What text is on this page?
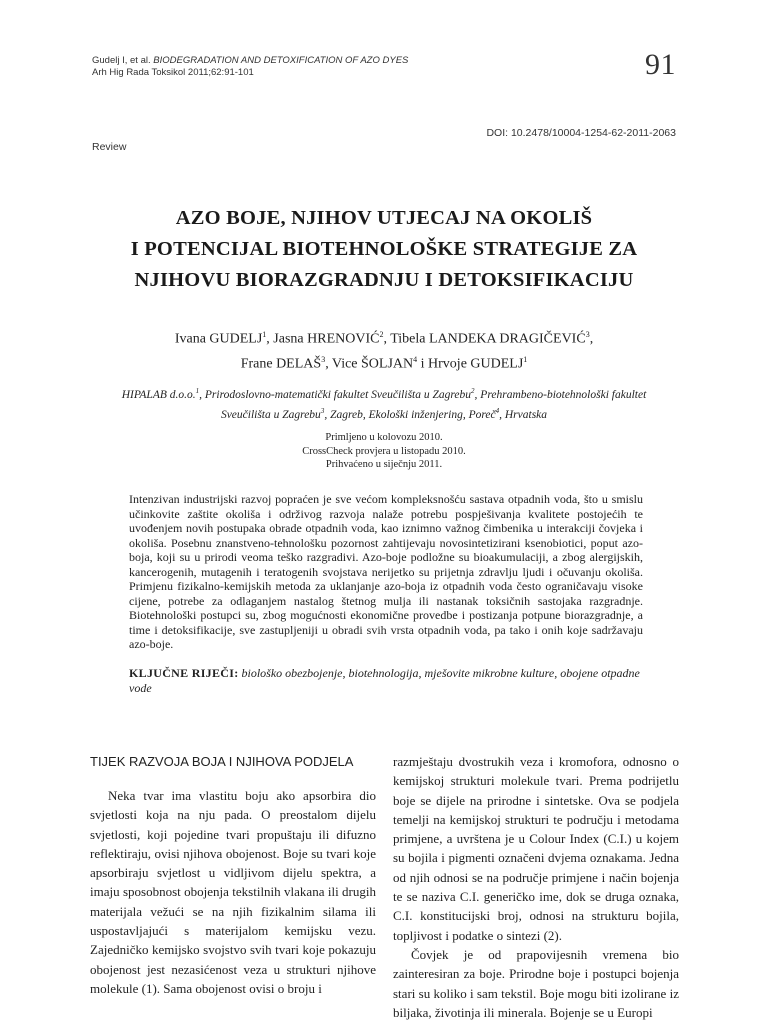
Gudelj I, et al. BIODEGRADATION AND DETOXIFICATION OF AZO DYES
Arh Hig Rada Toksikol 2011;62:91-101	91
DOI: 10.2478/10004-1254-62-2011-2063
Review
AZO BOJE, NJIHOV UTJECAJ NA OKOLIŠ
I POTENCIJAL BIOTEHNOLOŠKE STRATEGIJE ZA
NJIHOVU BIORAZGRADNJU I DETOKSIFIKACIJU
Ivana GUDELJ$^1$, Jasna HRENOVIĆ$^2$, Tibela LANDEKA DRAGIČEVIĆ$^3$,
Frane DELAŠ$^3$, Vice ŠOLJAN$^4$ i Hrvoje GUDELJ$^1$
HIPALAB d.o.o.$^1$, Prirodoslovno-matematički fakultet Sveučilišta u Zagrebu$^2$, Prehrambeno-biotehnološki fakultet Sveučilišta u Zagrebu$^3$, Zagreb, Ekološki inženjering, Poreč$^4$, Hrvatska
Primljeno u kolovozu 2010.
CrossCheck provjera u listopadu 2010.
Prihvaćeno u siječnju 2011.
Intenzivan industrijski razvoj popraćen je sve većom kompleksnošću sastava otpadnih voda, što u smislu učinkovite zaštite okoliša i održivog razvoja nalaže potrebu pospješivanja kvalitete postojećih te uvođenjem novih postupaka obrade otpadnih voda, kao iznimno važnog čimbenika u interakciji čovjeka i okoliša. Posebnu znanstveno-tehnološku pozornost zahtijevaju novosintetizirani ksenobiotici, poput azo-boja, koji su u prirodi veoma teško razgradivi. Azo-boje podložne su bioakumulaciji, a zbog alergijskih, kancerogenih, mutagenih i teratogenih svojstava nerijetko su prijetnja zdravlju ljudi i očuvanju okoliša. Primjenu fizikalno-kemijskih metoda za uklanjanje azo-boja iz otpadnih voda često ograničavaju visoke cijene, potrebe za odlaganjem nastalog štetnog mulja ili nastanak toksičnih sastojaka razgradnje. Biotehnološki postupci su, zbog mogućnosti ekonomične provedbe i postizanja potpune biorazgradnje, a time i detoksifikacije, sve zastupljeniji u obradi svih vrsta otpadnih voda, pa tako i onih koje sadržavaju azo-boje.
KLJUČNE RIJEČI: biološko obezbojenje, biotehnologija, mješovite mikrobne kulture, obojene otpadne vode
TIJEK RAZVOJA BOJA I NJIHOVA PODJELA

Neka tvar ima vlastitu boju ako apsorbira dio svjetlosti koja na nju pada. O preostalom dijelu svjetlosti, koji pojedine tvari propuštaju ili difuzno reflektiraju, ovisi njihova obojenost. Boje su tvari koje apsorbiraju svjetlost u vidljivom dijelu spektra, a imaju sposobnost obojenja tekstilnih vlakana ili drugih materijala vežući se na njih fizikalnim silama ili uspostavljajući s materijalom kemijsku vezu. Zajedničko kemijsko svojstvo svih tvari koje pokazuju obojenost jest nezasićenost veza u strukturi njihove molekule (1). Sama obojenost ovisi o broju i

razmještaju dvostrukih veza i kromofora, odnosno o kemijskoj strukturi molekule tvari. Prema podrijetlu boje se dijele na prirodne i sintetske. Ova se podjela temelji na kemijskoj strukturi te području i metodama primjene, a uvrštena je u Colour Index (C.I.) u kojem su bojila i pigmenti označeni dvjema oznakama. Jedna od njih odnosi se na područje primjene i način bojenja te se naziva C.I. generičko ime, dok se druga oznaka, C.I. konstitucijski broj, odnosi na strukturu bojila, topljivost i podatke o sintezi (2).

Čovjek je od prapovijesnih vremena bio zainteresiran za boje. Prirodne boje i postupci bojenja stari su koliko i sam tekstil. Boje mogu biti izolirane iz biljaka, životinja ili minerala. Bojenje se u Europi
